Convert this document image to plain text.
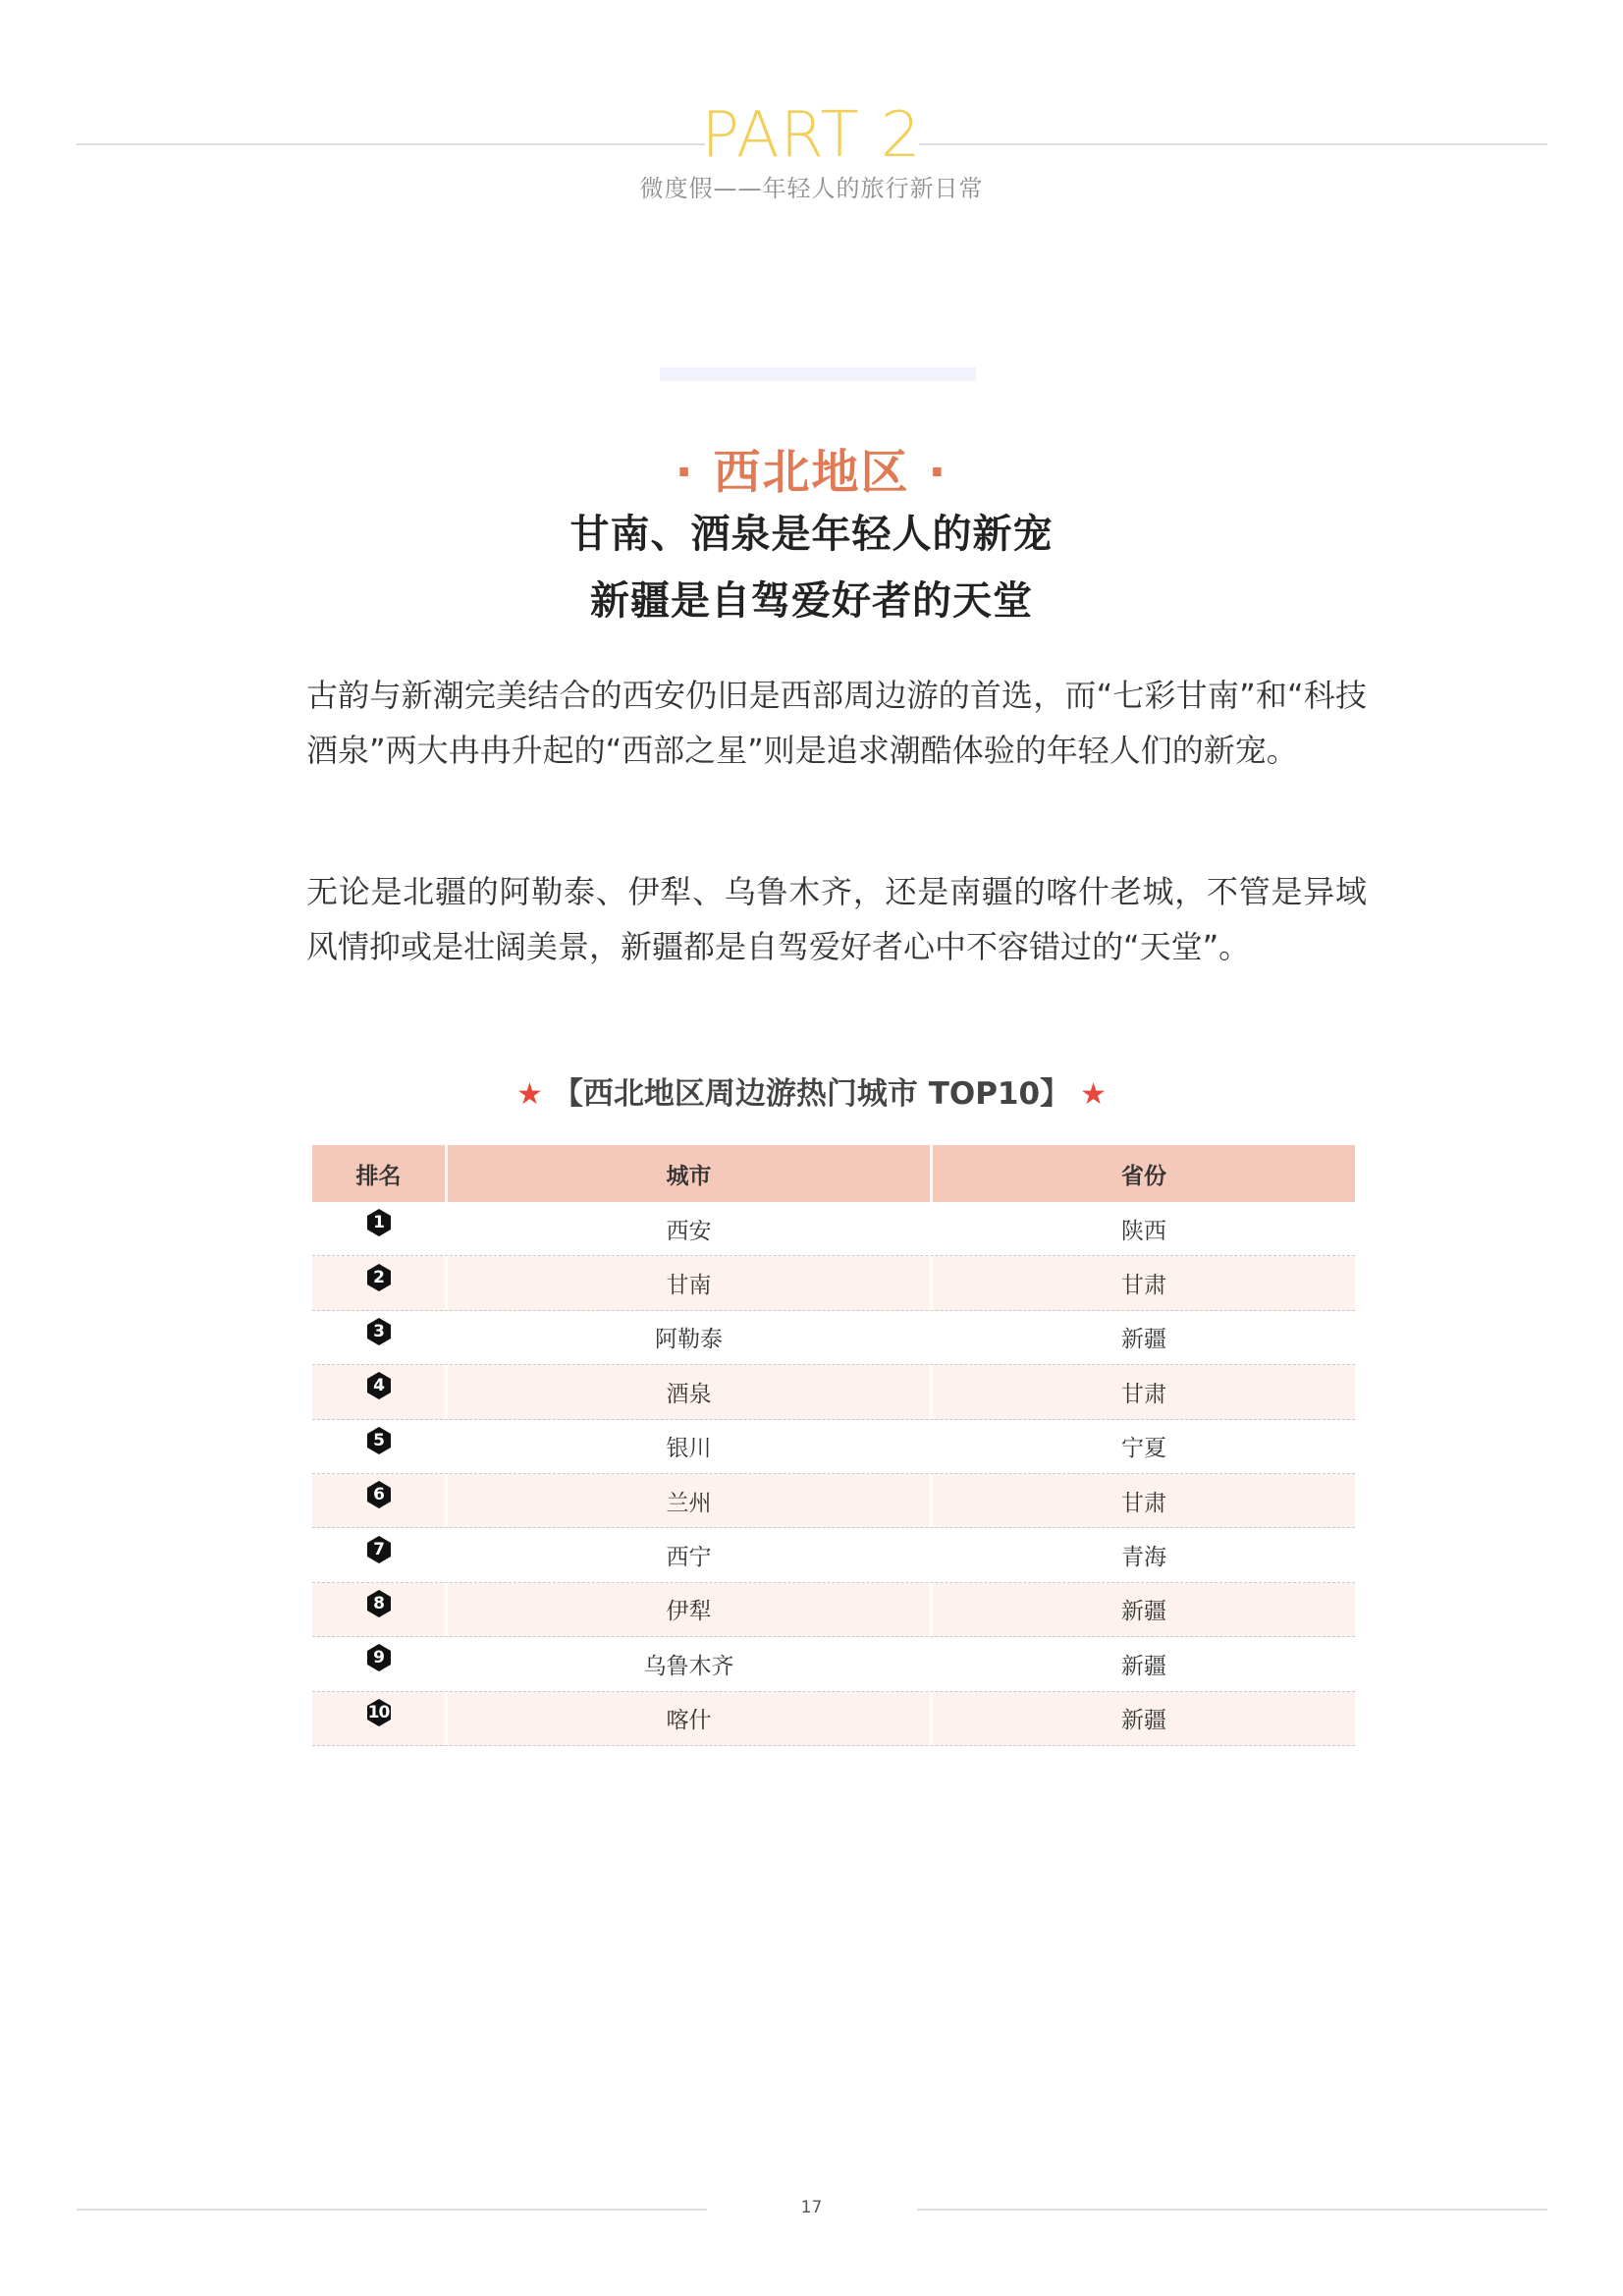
PART 2
微度假——年轻人的旅行新日常
· 西北地区 ·
甘南、酒泉是年轻人的新宠
新疆是自驾爱好者的天堂

古韵与新潮完美结合的西安仍旧是西部周边游的首选，而“七彩甘南”和“科技酒泉”两大冉冉升起的“西部之星”则是追求潮酷体验的年轻人们的新宠。

无论是北疆的阿勒泰、伊犁、乌鲁木齐，还是南疆的喀什老城，不管是异域风情抑或是壮阔美景，新疆都是自驾爱好者心中不容错过的“天堂”。

★ 【西北地区周边游热门城市 TOP10】 ★
排名	城市	省份
1	西安	陕西
2	甘南	甘肃
3	阿勒泰	新疆
4	酒泉	甘肃
5	银川	宁夏
6	兰州	甘肃
7	西宁	青海
8	伊犁	新疆
9	乌鲁木齐	新疆
10	喀什	新疆
17
